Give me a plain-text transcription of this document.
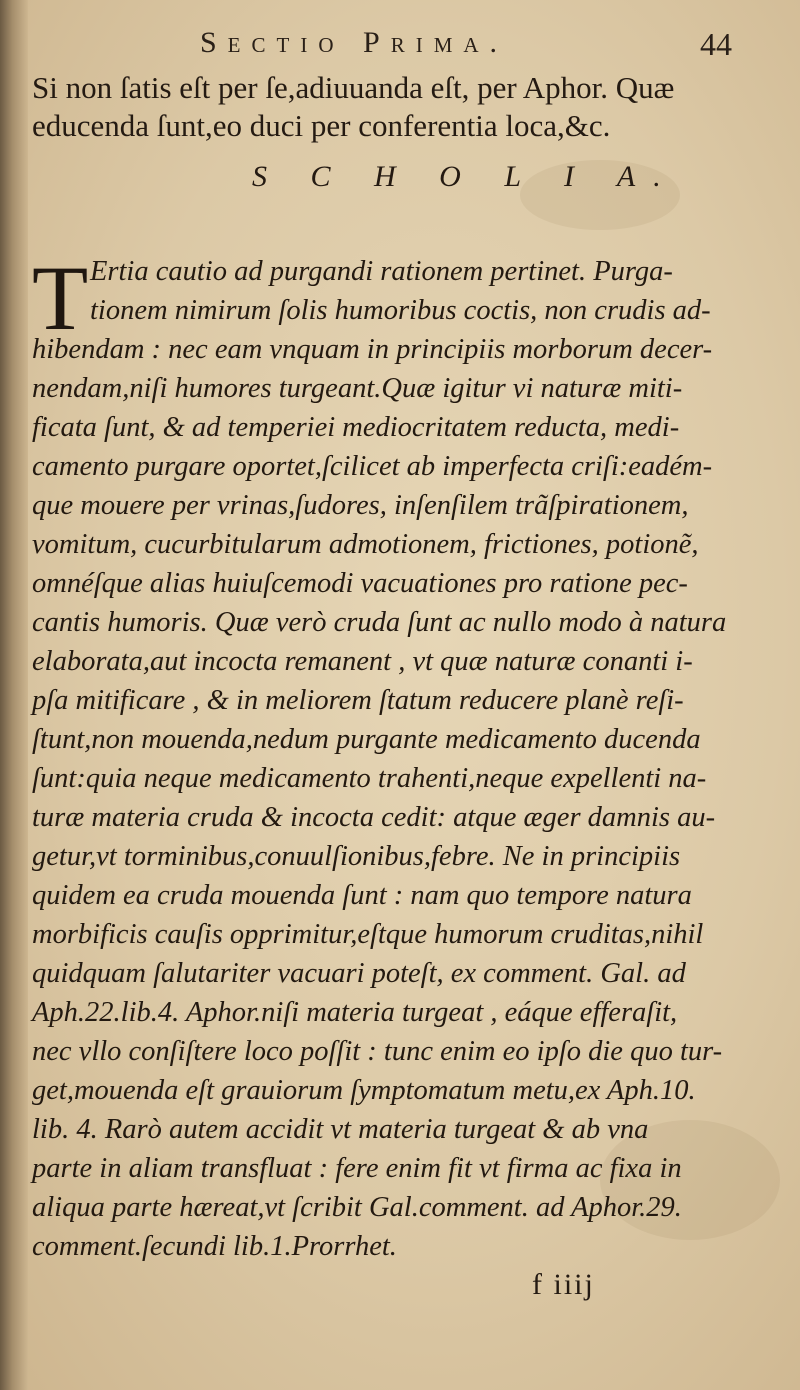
Sectio Prima.	44
Si non ſatis eſt per ſe,adiuuanda eſt, per Aphor. Quæ
educenda ſunt,eo duci per conferentia loca,&c.
S C H O L I A.
T Ertia cautio ad purgandi rationem pertinet. Purga-
tionem nimirum ſolis humoribus coctis, non crudis ad-
hibendam : nec eam vnquam in principiis morborum decer-
nendam,niſi humores turgeant.Quæ igitur vi naturæ miti-
ficata ſunt, & ad temperiei mediocritatem reducta, medi-
camento purgare oportet,ſcilicet ab imperfecta criſi:eadém-
que mouere per vrinas,ſudores, inſenſilem trãſpirationem,
vomitum, cucurbitularum admotionem, frictiones, potionẽ,
omnéſque alias huiuſcemodi vacuationes pro ratione pec-
cantis humoris. Quæ verò cruda ſunt ac nullo modo à natura
elaborata,aut incocta remanent , vt quæ naturæ conanti i-
pſa mitificare , & in meliorem ſtatum reducere planè reſi-
ſtunt,non mouenda,nedum purgante medicamento ducenda
ſunt:quia neque medicamento trahenti,neque expellenti na-
turæ materia cruda & incocta cedit: atque æger damnis au-
getur,vt torminibus,conuulſionibus,febre. Ne in principiis
quidem ea cruda mouenda ſunt : nam quo tempore natura
morbificis cauſis opprimitur,eſtque humorum cruditas,nihil
quidquam ſalutariter vacuari poteſt, ex comment. Gal. ad
Aph.22.lib.4. Aphor.niſi materia turgeat , eáque efferaſit,
nec vllo conſiſtere loco poſſit : tunc enim eo ipſo die quo tur-
get,mouenda eſt grauiorum ſymptomatum metu,ex Aph.10.
lib. 4. Rarò autem accidit vt materia turgeat & ab vna
parte in aliam transfluat : fere enim fit vt firma ac fixa in
aliqua parte hæreat,vt ſcribit Gal.comment. ad Aphor.29.
comment.ſecundi lib.1.Prorrhet.
f iiij
